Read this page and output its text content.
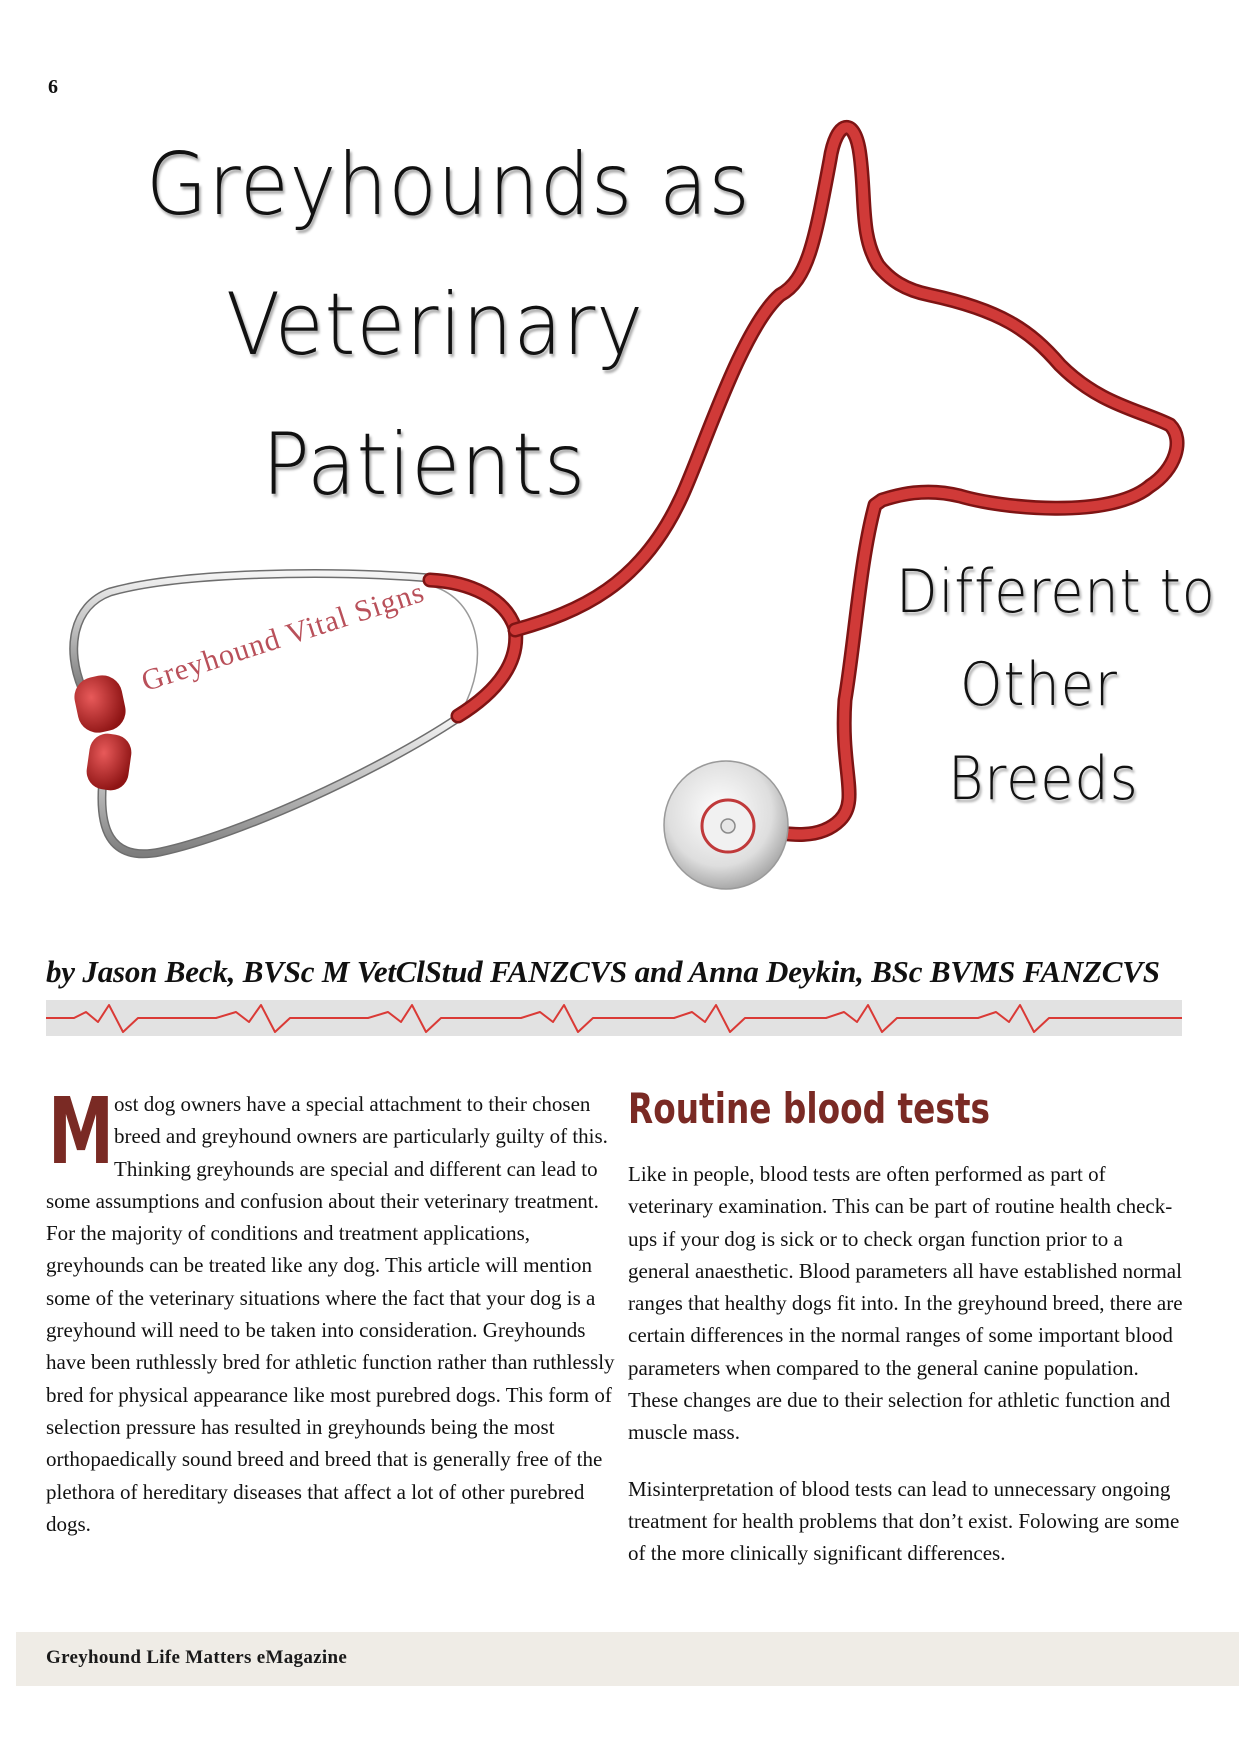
6
Greyhounds as
Veterinary
Patients
Greyhound Vital Signs	Different to
Other
Breeds
by Jason Beck, BVSc M VetClStud FANZCVS and Anna Deykin, BSc BVMS FANZCVS
M ost dog owners have a special attachment to their chosen breed and greyhound owners are particularly guilty of this. Thinking greyhounds are special and different can lead to some assumptions and confusion about their veterinary treatment. For the majority of conditions and treatment applications, greyhounds can be treated like any dog. This article will mention some of the veterinary situations where the fact that your dog is a greyhound will need to be taken into consideration. Greyhounds have been ruthlessly bred for athletic function rather than ruthlessly bred for physical appearance like most purebred dogs. This form of selection pressure has resulted in greyhounds being the most orthopaedically sound breed and breed that is generally free of the plethora of hereditary diseases that affect a lot of other purebred dogs.
Routine blood tests

Like in people, blood tests are often performed as part of veterinary examination. This can be part of routine health check-ups if your dog is sick or to check organ function prior to a general anaesthetic. Blood parameters all have established normal ranges that healthy dogs fit into. In the greyhound breed, there are certain differences in the normal ranges of some important blood parameters when compared to the general canine population. These changes are due to their selection for athletic function and muscle mass.

Misinterpretation of blood tests can lead to unnecessary ongoing treatment for health problems that don’t exist. Folowing are some of the more clinically significant differences.

Greyhound Life Matters eMagazine
